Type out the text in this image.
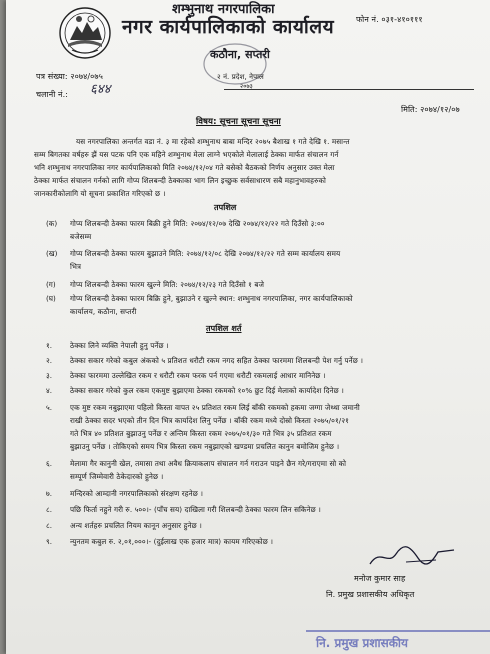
शम्भुनाथ नगरपालिका
फोन नं. ०३१-४१०१११
नगर कार्यपालिकाको कार्यालय
कठौना, सप्तरी
२ नं. प्रदेश, नेपाल
२०७३
पत्र संख्या: २०७४/०७५
चलानी नं.: ६४४
मिति: २०७४/१२/०७
विषय: सूचना सूचना सूचना
यस नगरपालिका अन्तर्गत वडा नं. ३ मा रहेको शम्भुनाथ बाबा मन्दिर २०७५ बैशाख १ गते देखि १. मसान्त
सम्म बिगतका वर्षहरु झैं यस पटक पनि एक महिने शम्भुनाथ मेला लाग्ने भएकोले मेलालाई ठेक्का मार्फत संचालन गर्न
भनि शम्भुनाथ नगरपालिका नगर कार्यपालिकाको मिति २०७४/१२/०४ गते बसेको बैठकको निर्णय अनुसार उक्त मेला
ठेक्का मार्फत संचालन गर्नको लागि गोप्य शिलबन्दी ठेक्काका भाग लिन इच्छुक सर्वसाधारण सबै महानुभावहरुको
जानकारीकोलागि यो सूचना प्रकाशित गरिएको छ ।
तपशिल
(क) गोप्य शिलबन्दी ठेक्का फारम बिक्री हुने मिति: २०७४/१२/०७ देखि २०७४/१२/२२ गते दिउँसो ३:००
बजेसम्म
(ख) गोप्य शिलबन्दी ठेक्का फारम बुझाउने मिति: २०७४/१२/०८ देखि २०७४/१२/२२ गते सम्म कार्यालय समय
भित्र
(ग) गोप्य शिलबन्दी ठेक्का फारम खुल्ने मिति: २०७४/१२/२३ गते दिउँसो १ बजे
(घ) गोप्य शिलबन्दी ठेक्का फारम बिक्रि हुने, बुझाउने र खुल्ने स्थान: शम्भुनाथ नगरपालिका, नगर कार्यपालिकाको
कार्यालय, कठौना, सप्तरी
तपशिल शर्त
१. ठेक्का लिने व्यक्ति नेपाली हुनु पर्नेछ ।
२. ठेक्का सकार गरेको कबुल अंकको ५ प्रतिशत धरौटी रकम नगद सहित ठेक्का फारममा शिलबन्दी पेश गर्नु पर्नेछ ।
३. ठेक्का फारममा उल्लेखित रकम र धरौटी रकम फरक पर्न गएमा धरौटी रकमलाई आधार मानिनेछ ।
४. ठेक्का सकार गरेको कुल रकम एकमुष्ट बुझाएमा ठेक्का रकमको १०% छुट दिई मेलाको कार्यादेश दिनेछ ।
५. एक मुष्ट रकम नबुझाएमा पहिलो किस्ता वापत २५ प्रतिशत रकम लिई बाँकी रकमको हकमा जग्गा जेथ्था जमानी
राखी ठेक्का सदर भएको तीन दिन भित्र कार्यादेश लिनु पर्नेछ । बाँकी रकम मध्ये दोस्रो किस्ता २०७५/०१/२१
गते भित्र ४० प्रतिशत बुझाउनु पर्नेछ र अन्तिम किस्ता रकम २०७५/०१/३० गते भित्र ३५ प्रतिशत रकम
बुझाउनु पर्नेछ । तोकिएको समय भित्र किस्ता रकम नबुझाएको खण्डमा प्रचलित कानुन बमोजिम हुनेछ ।
६. मेलामा गैर कानुनी खेल, तमासा तथा अवैध क्रियाकलाप संचालन गर्न गराउन पाइने छैन गरे/गराएमा सो को
सम्पूर्ण जिम्मेवारी ठेकेदारको हुनेछ ।
७. मन्दिरको आम्दानी नगरपालिकाको संरक्षण रहनेछ ।
८. पछि फिर्ता नहुने गरी रु. ५००।- (पाँच सय) दाखिला गरी शिलबन्दी ठेक्का फारम लिन सकिनेछ ।
८. अन्य शर्तहरु प्रचलित नियम कानून अनुसार हुनेछ ।
९. न्युनतम कबुल रु. २,०१,०००।- (दुईलाख एक हजार मात्र) कायम गरिएकोछ ।
मनोज कुमार साह
नि. प्रमुख प्रशासकीय अधिकृत
नि. प्रमुख प्रशासकीय
